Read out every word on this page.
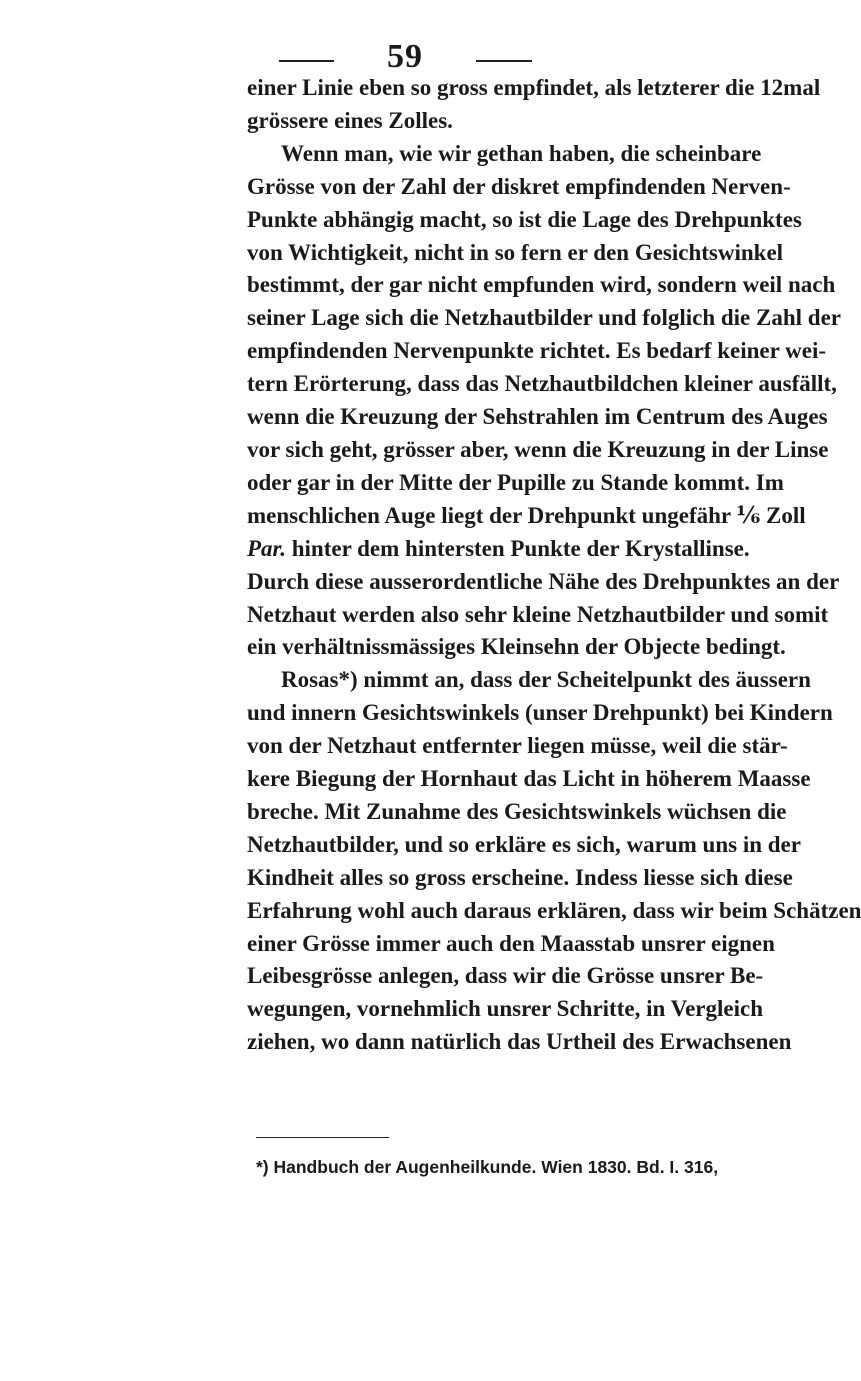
59
einer Linie eben so gross empfindet, als letzterer die 12mal
grössere eines Zolles.
Wenn man, wie wir gethan haben, die scheinbare
Grösse von der Zahl der diskret empfindenden Nerven-
Punkte abhängig macht, so ist die Lage des Drehpunktes
von Wichtigkeit, nicht in so fern er den Gesichtswinkel
bestimmt, der gar nicht empfunden wird, sondern weil nach
seiner Lage sich die Netzhautbilder und folglich die Zahl der
empfindenden Nervenpunkte richtet. Es bedarf keiner wei-
tern Erörterung, dass das Netzhautbildchen kleiner ausfällt,
wenn die Kreuzung der Sehstrahlen im Centrum des Auges
vor sich geht, grösser aber, wenn die Kreuzung in der Linse
oder gar in der Mitte der Pupille zu Stande kommt. Im
menschlichen Auge liegt der Drehpunkt ungefähr ⅙ Zoll
Par. hinter dem hintersten Punkte der Krystallinse.
Durch diese ausserordentliche Nähe des Drehpunktes an der
Netzhaut werden also sehr kleine Netzhautbilder und somit
ein verhältnissmässiges Kleinsehn der Objecte bedingt.
Rosas*) nimmt an, dass der Scheitelpunkt des äussern
und innern Gesichtswinkels (unser Drehpunkt) bei Kindern
von der Netzhaut entfernter liegen müsse, weil die stär-
kere Biegung der Hornhaut das Licht in höherem Maasse
breche. Mit Zunahme des Gesichtswinkels wüchsen die
Netzhautbilder, und so erkläre es sich, warum uns in der
Kindheit alles so gross erscheine. Indess liesse sich diese
Erfahrung wohl auch daraus erklären, dass wir beim Schätzen
einer Grösse immer auch den Maasstab unsrer eignen
Leibesgrösse anlegen, dass wir die Grösse unsrer Be-
wegungen, vornehmlich unsrer Schritte, in Vergleich
ziehen, wo dann natürlich das Urtheil des Erwachsenen
*) Handbuch der Augenheilkunde. Wien 1830. Bd. I. 316,
